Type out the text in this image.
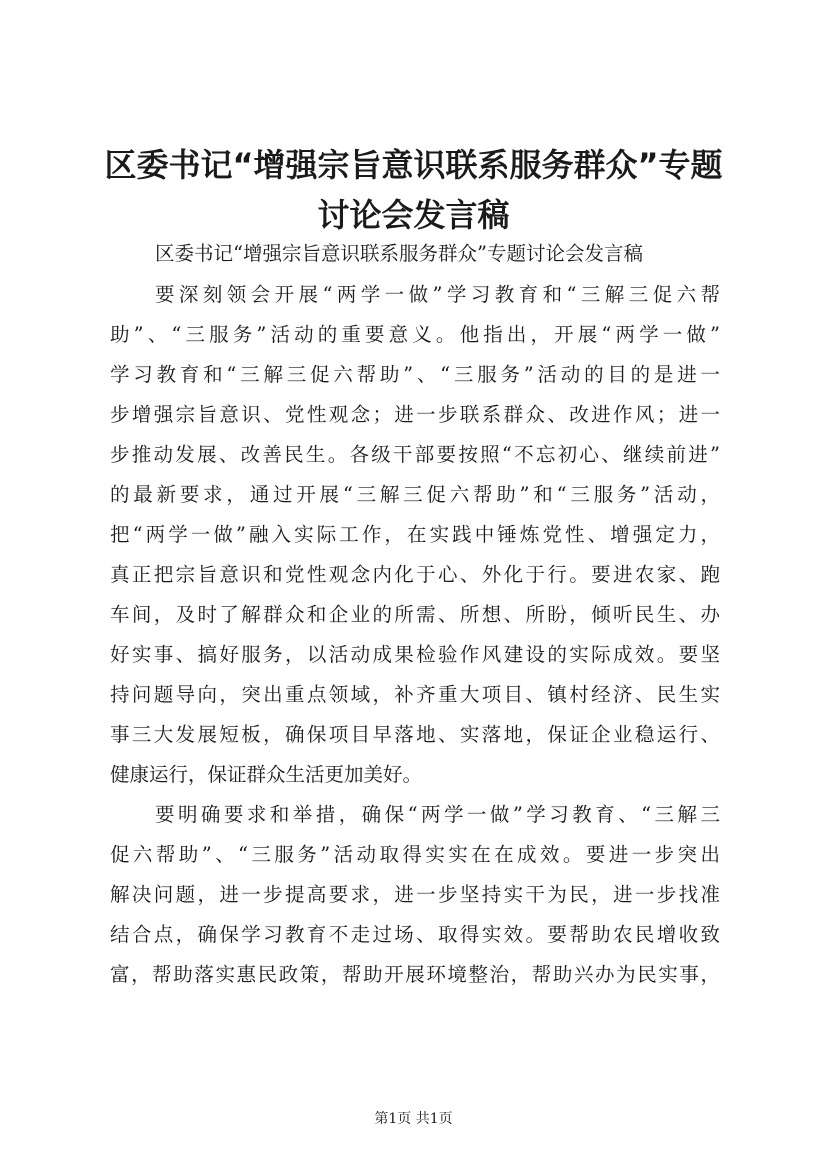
区委书记“增强宗旨意识联系服务群众”专题
讨论会发言稿

区委书记“增强宗旨意识联系服务群众”专题讨论会发言稿

要深刻领会开展“两学一做”学习教育和“三解三促六帮

助”、“三服务”活动的重要意义。他指出，开展“两学一做”

学习教育和“三解三促六帮助”、“三服务”活动的目的是进一

步增强宗旨意识、党性观念；进一步联系群众、改进作风；进一

步推动发展、改善民生。各级干部要按照“不忘初心、继续前进”

的最新要求，通过开展“三解三促六帮助”和“三服务”活动，

把“两学一做”融入实际工作，在实践中锤炼党性、增强定力，

真正把宗旨意识和党性观念内化于心、外化于行。要进农家、跑

车间，及时了解群众和企业的所需、所想、所盼，倾听民生、办

好实事、搞好服务，以活动成果检验作风建设的实际成效。要坚

持问题导向，突出重点领域，补齐重大项目、镇村经济、民生实

事三大发展短板，确保项目早落地、实落地，保证企业稳运行、

健康运行，保证群众生活更加美好。

要明确要求和举措，确保“两学一做”学习教育、“三解三

促六帮助”、“三服务”活动取得实实在在成效。要进一步突出

解决问题，进一步提高要求，进一步坚持实干为民，进一步找准

结合点，确保学习教育不走过场、取得实效。要帮助农民增收致

富，帮助落实惠民政策，帮助开展环境整治，帮助兴办为民实事，

第1页 共1页
